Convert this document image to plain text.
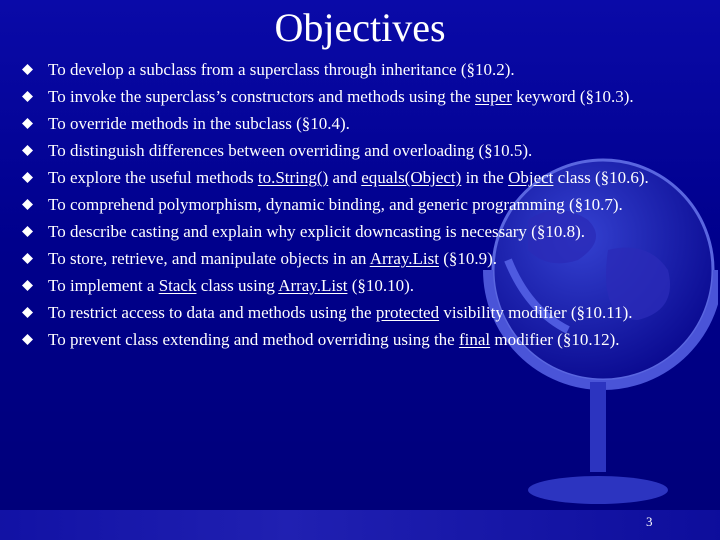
Objectives
To develop a subclass from a superclass through inheritance (§10.2).
To invoke the superclass’s constructors and methods using the super keyword (§10.3).
To override methods in the subclass (§10.4).
To distinguish differences between overriding and overloading (§10.5).
To explore the useful methods to.String() and equals(Object) in the Object class (§10.6).
To comprehend polymorphism, dynamic binding, and generic programming (§10.7).
To describe casting and explain why explicit downcasting is necessary (§10.8).
To store, retrieve, and manipulate objects in an Array.List (§10.9).
To implement a Stack class using Array.List (§10.10).
To restrict access to data and methods using the protected visibility modifier (§10.11).
To prevent class extending and method overriding using the final modifier (§10.12).
3
